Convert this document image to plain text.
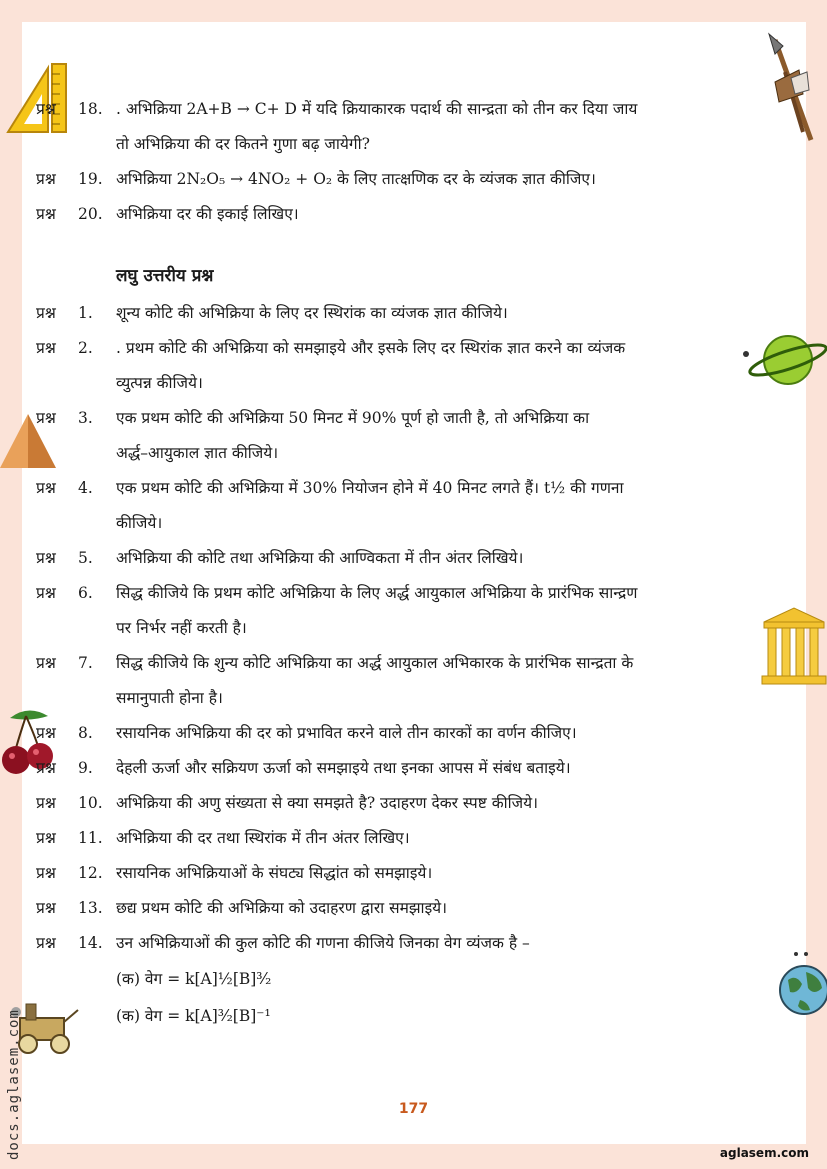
प्रश्न	18. . अभिक्रिया 2A+B → C+ D में यदि क्रियाकारक पदार्थ की सान्द्रता को तीन कर दिया जाय
तो अभिक्रिया की दर कितने गुणा बढ़ जायेगी?
प्रश्न	19. अभिक्रिया 2N₂O₅ → 4NO₂ + O₂ के लिए तात्क्षणिक दर के व्यंजक ज्ञात कीजिए।
प्रश्न	20. अभिक्रिया दर की इकाई लिखिए।
लघु उत्तरीय प्रश्न
प्रश्न	1.	शून्य कोटि की अभिक्रिया के लिए दर स्थिरांक का व्यंजक ज्ञात कीजिये।
प्रश्न	2.	. प्रथम कोटि की अभिक्रिया को समझाइये और इसके लिए दर स्थिरांक ज्ञात करने का व्यंजक
व्युत्पन्न कीजिये।
प्रश्न	3.	एक प्रथम कोटि की अभिक्रिया 50 मिनट में 90% पूर्ण हो जाती है, तो अभिक्रिया का
अर्द्ध–आयुकाल ज्ञात कीजिये।
प्रश्न	4.	एक प्रथम कोटि की अभिक्रिया में 30% नियोजन होने में 40 मिनट लगते हैं। t½ की गणना
कीजिये।
प्रश्न	5.	अभिक्रिया की कोटि तथा अभिक्रिया की आण्विकता में तीन अंतर लिखिये।
प्रश्न	6.	सिद्ध कीजिये कि प्रथम कोटि अभिक्रिया के लिए अर्द्ध आयुकाल अभिक्रिया के प्रारंभिक सान्द्रण
पर निर्भर नहीं करती है।
प्रश्न	7.	सिद्ध कीजिये कि शुन्य कोटि अभिक्रिया का अर्द्ध आयुकाल अभिकारक के प्रारंभिक सान्द्रता के
समानुपाती होना है।
प्रश्न	8.	रसायनिक अभिक्रिया की दर को प्रभावित करने वाले तीन कारकों का वर्णन कीजिए।
प्रश्न	9.	देहली ऊर्जा और सक्रियण ऊर्जा को समझाइये तथा इनका आपस में संबंध बताइये।
प्रश्न	10. अभिक्रिया की अणु संख्यता से क्या समझते है? उदाहरण देकर स्पष्ट कीजिये।
प्रश्न	11. अभिक्रिया की दर तथा स्थिरांक में तीन अंतर लिखिए।
प्रश्न	12. रसायनिक अभिक्रियाओं के संघट्य सिद्धांत को समझाइये।
प्रश्न	13. छद्य प्रथम कोटि की अभिक्रिया को उदाहरण द्वारा समझाइये।
प्रश्न	14. उन अभिक्रियाओं की कुल कोटि की गणना कीजिये जिनका वेग व्यंजक है –
(क) वेग = k[A]½[B]³⁄₂
(क) वेग = k[A]³⁄₂[B]⁻¹
177
aglasem.com
docs.aglasem.com
